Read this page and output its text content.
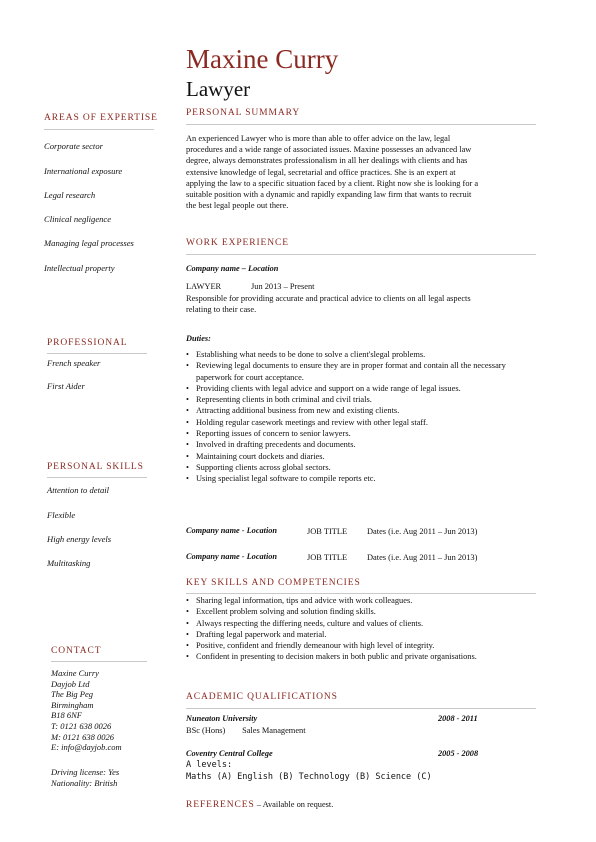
Maxine Curry
Lawyer
AREAS OF EXPERTISE
Corporate sector
International exposure
Legal research
Clinical negligence
Managing legal processes
Intellectual property
PROFESSIONAL
French speaker
First Aider
PERSONAL SKILLS
Attention to detail
Flexible
High energy levels
Multitasking
CONTACT
Maxine Curry
Dayjob Ltd
The Big Peg
Birmingham
B18 6NF
T: 0121 638 0026
M: 0121 638 0026
E: info@dayjob.com
Driving license: Yes
Nationality: British
PERSONAL SUMMARY
An experienced Lawyer who is more than able to offer advice on the law, legal
procedures and a wide range of associated issues. Maxine possesses an advanced law
degree, always demonstrates professionalism in all her dealings with clients and has
extensive knowledge of legal, secretarial and office practices. She is an expert at
applying the law to a specific situation faced by a client. Right now she is looking for a
suitable position with a dynamic and rapidly expanding law firm that wants to recruit
the best legal people out there.
WORK EXPERIENCE
Company name – Location
LAWYER	Jun 2013 – Present
Responsible for providing accurate and practical advice to clients on all legal aspects
relating to their case.
Duties:
• Establishing what needs to be done to solve a client'slegal problems.
• Reviewing legal documents to ensure they are in proper format and contain all the necessary paperwork for court acceptance.
• Providing clients with legal advice and support on a wide range of legal issues.
• Representing clients in both criminal and civil trials.
• Attracting additional business from new and existing clients.
• Holding regular casework meetings and review with other legal staff.
• Reporting issues of concern to senior lawyers.
• Involved in drafting precedents and documents.
• Maintaining court dockets and diaries.
• Supporting clients across global sectors.
• Using specialist legal software to compile reports etc.
Company name - Location	JOB TITLE Dates (i.e. Aug 2011 – Jun 2013)
Company name - Location	JOB TITLE Dates (i.e. Aug 2011 – Jun 2013)
KEY SKILLS AND COMPETENCIES
• Sharing legal information, tips and advice with work colleagues.
• Excellent problem solving and solution finding skills.
• Always respecting the differing needs, culture and values of clients.
• Drafting legal paperwork and material.
• Positive, confident and friendly demeanour with high level of integrity.
• Confident in presenting to decision makers in both public and private organisations.
ACADEMIC QUALIFICATIONS
Nuneaton University	2008 - 2011
BSc (Hons)        Sales Management
Coventry Central College	2005 - 2008
A levels:
Maths (A) English (B) Technology (B) Science (C)
REFERENCES – Available on request.
